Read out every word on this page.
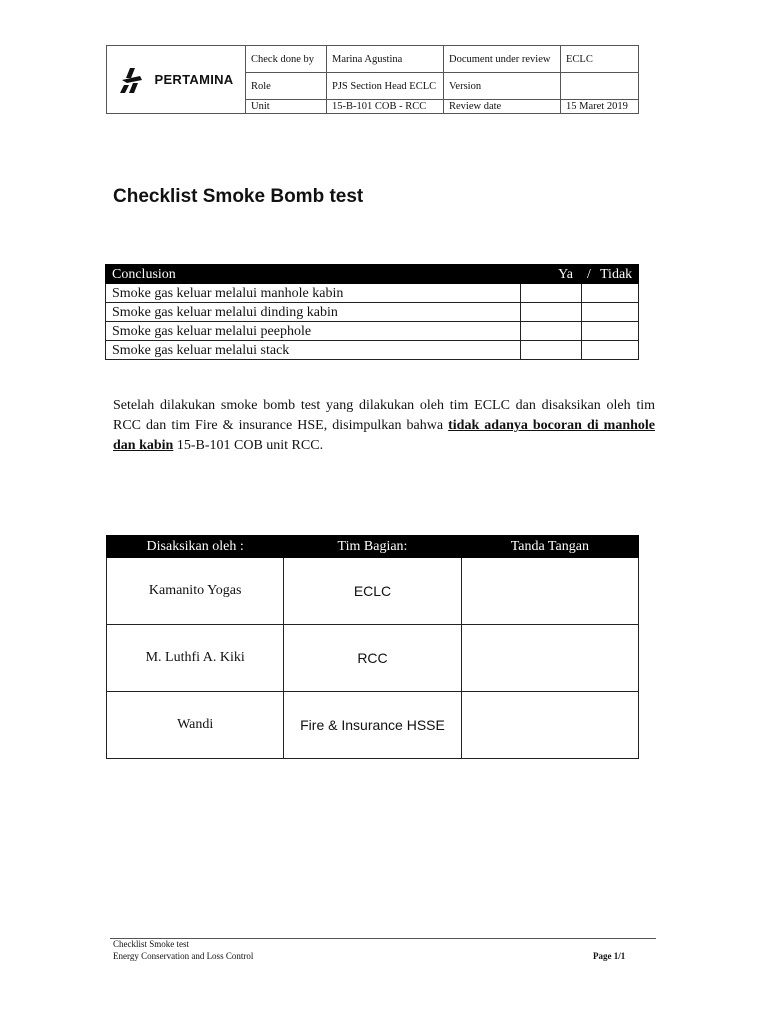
PERTAMINA	Check done by	Marina Agustina	Document under review	ECLC
	Role	PJS Section Head ECLC	Version	
	Unit	15-B-101 COB - RCC	Review date	15 Maret 2019
Checklist Smoke Bomb test
Conclusion	Ya	/ Tidak
Smoke gas keluar melalui manhole kabin		
Smoke gas keluar melalui dinding kabin		
Smoke gas keluar melalui peephole		
Smoke gas keluar melalui stack		

Setelah dilakukan smoke bomb test yang dilakukan oleh tim ECLC dan disaksikan oleh tim RCC dan tim Fire & insurance HSE, disimpulkan bahwa tidak adanya bocoran di manhole dan kabin 15-B-101 COB unit RCC.

Disaksikan oleh :	Tim Bagian:	Tanda Tangan
Kamanito Yogas	ECLC	
M. Luthfi A. Kiki	RCC	
Wandi	Fire & Insurance HSSE	
Checklist Smoke test
Energy Conservation and Loss Control	Page 1/1
